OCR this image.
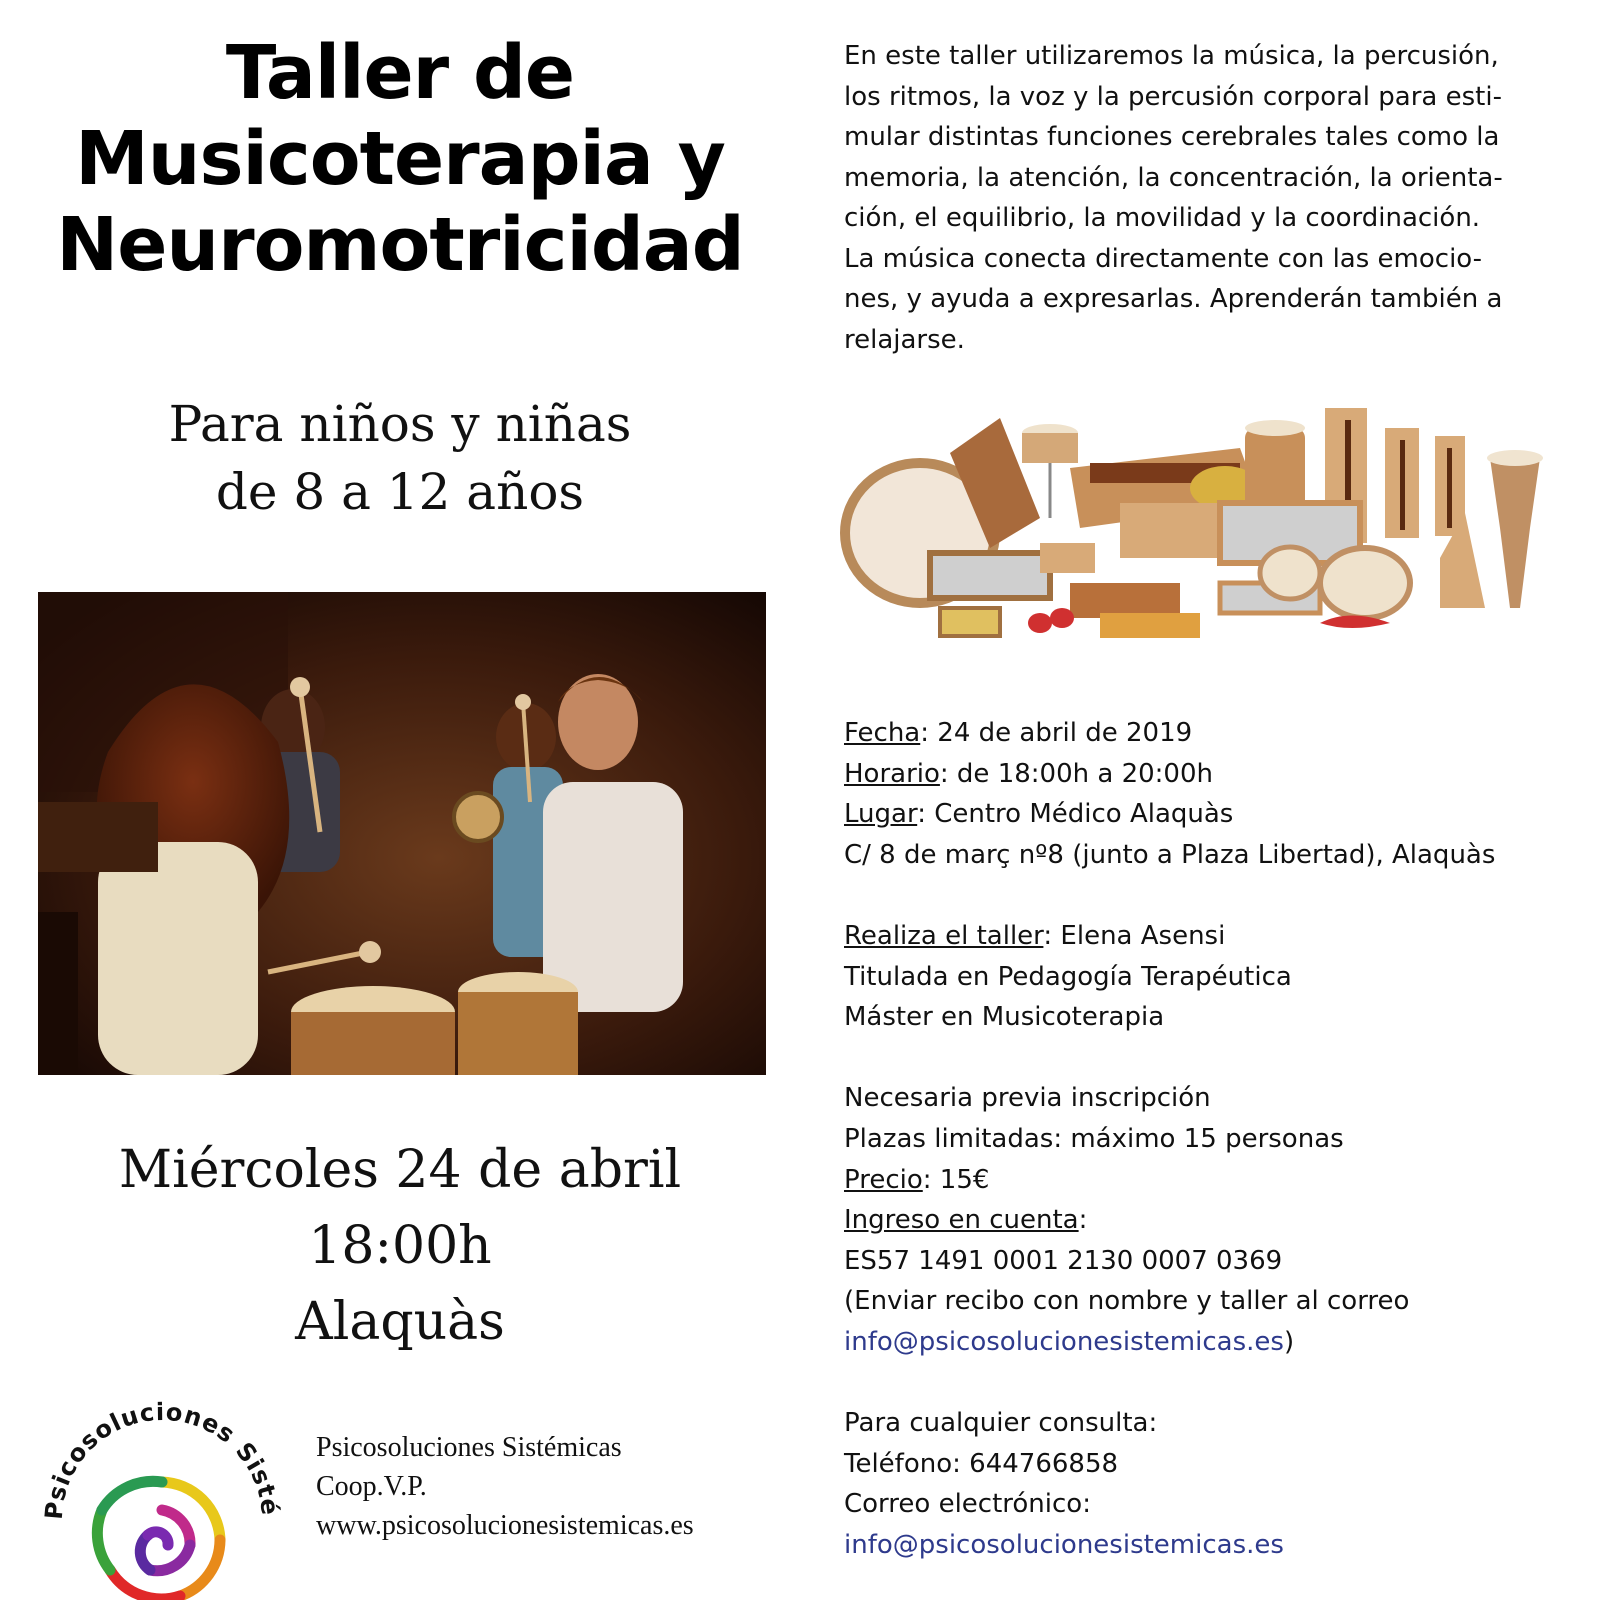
Taller de
Musicoterapia y
Neuromotricidad
Para niños y niñas
de 8 a 12 años
Miércoles 24 de abril
18:00h
Alaquàs
Psicosoluciones Sisté
Psicosoluciones Sistémicas
Coop.V.P.
www.psicosolucionesistemicas.es
En este taller utilizaremos la música, la percusión,
los ritmos, la voz y la percusión corporal para esti-
mular distintas funciones cerebrales tales como la
memoria, la atención, la concentración, la orienta-
ción, el equilibrio, la movilidad y la coordinación.
La música conecta directamente con las emocio-
nes, y ayuda a expresarlas. Aprenderán también a
relajarse.
Fecha: 24 de abril de 2019
Horario: de 18:00h a 20:00h
Lugar: Centro Médico Alaquàs
C/ 8 de març nº8 (junto a Plaza Libertad), Alaquàs
Realiza el taller: Elena Asensi
Titulada en Pedagogía Terapéutica
Máster en Musicoterapia
Necesaria previa inscripción
Plazas limitadas: máximo 15 personas
Precio: 15€
Ingreso en cuenta:
ES57 1491 0001 2130 0007 0369
(Enviar recibo con nombre y taller al correo
info@psicosolucionesistemicas.es)
Para cualquier consulta:
Teléfono: 644766858
Correo electrónico:
info@psicosolucionesistemicas.es
